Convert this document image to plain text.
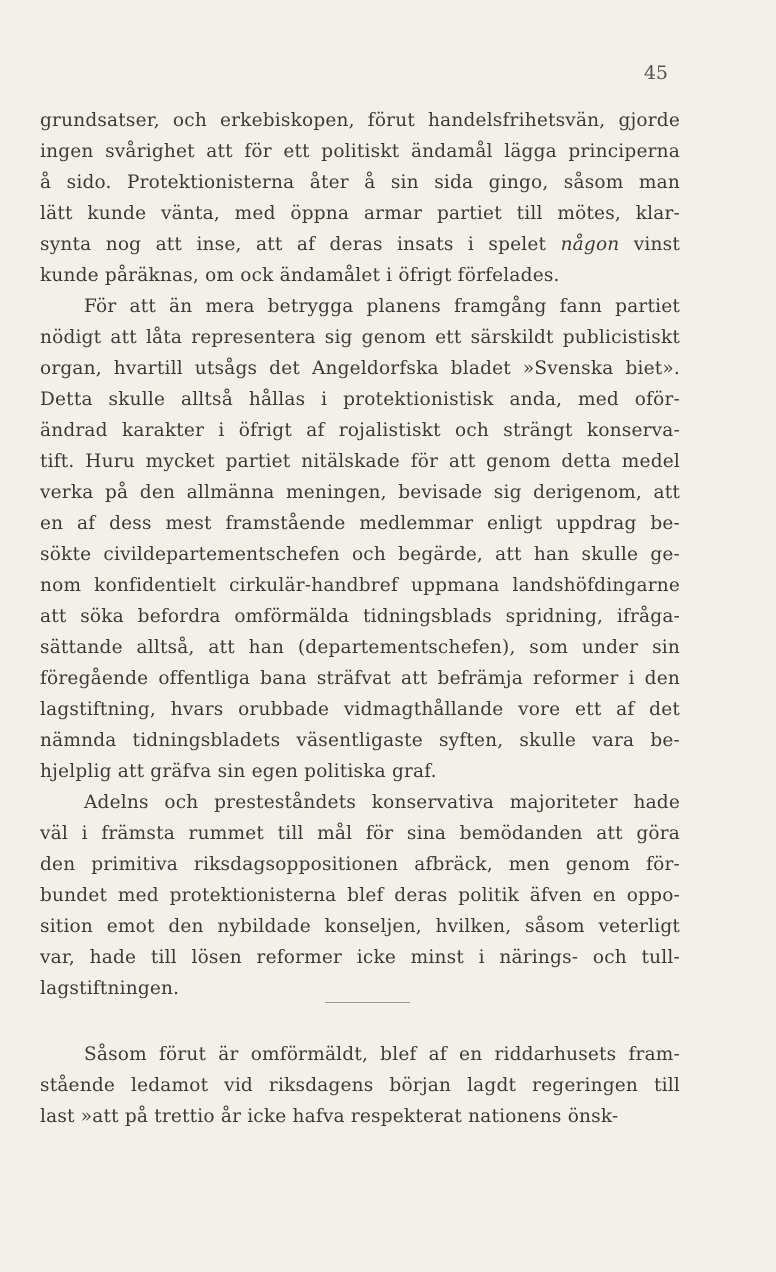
45
grundsatser, och erkebiskopen, förut handelsfrihetsvän, gjorde
ingen svårighet att för ett politiskt ändamål lägga principerna
å sido. Protektionisterna åter å sin sida gingo, såsom man
lätt kunde vänta, med öppna armar partiet till mötes, klar-
synta nog att inse, att af deras insats i spelet någon vinst
kunde påräknas, om ock ändamålet i öfrigt förfelades.
För att än mera betrygga planens framgång fann partiet
nödigt att låta representera sig genom ett särskildt publicistiskt
organ, hvartill utsågs det Angeldorfska bladet »Svenska biet».
Detta skulle alltså hållas i protektionistisk anda, med oför-
ändrad karakter i öfrigt af rojalistiskt och strängt konserva-
tift. Huru mycket partiet nitälskade för att genom detta medel
verka på den allmänna meningen, bevisade sig derigenom, att
en af dess mest framstående medlemmar enligt uppdrag be-
sökte civildepartementschefen och begärde, att han skulle ge-
nom konfidentielt cirkulär-handbref uppmana landshöfdingarne
att söka befordra omförmälda tidningsblads spridning, ifråga-
sättande alltså, att han (departementschefen), som under sin
föregående offentliga bana sträfvat att befrämja reformer i den
lagstiftning, hvars orubbade vidmagthållande vore ett af det
nämnda tidningsbladets väsentligaste syften, skulle vara be-
hjelplig att gräfva sin egen politiska graf.
Adelns och presteståndets konservativa majoriteter hade
väl i främsta rummet till mål för sina bemödanden att göra
den primitiva riksdagsoppositionen afbräck, men genom för-
bundet med protektionisterna blef deras politik äfven en oppo-
sition emot den nybildade konseljen, hvilken, såsom veterligt
var, hade till lösen reformer icke minst i närings- och tull-
lagstiftningen.
Såsom förut är omförmäldt, blef af en riddarhusets fram-
stående ledamot vid riksdagens början lagdt regeringen till
last »att på trettio år icke hafva respekterat nationens önsk-
